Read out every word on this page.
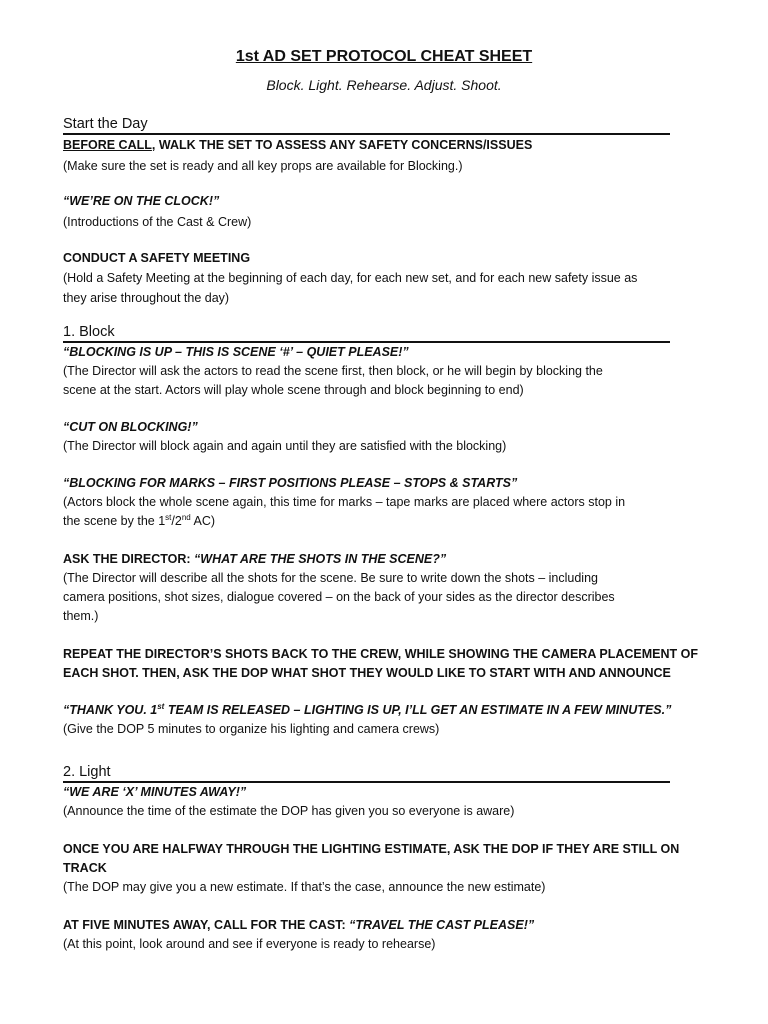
1st AD SET PROTOCOL CHEAT SHEET
Block. Light. Rehearse. Adjust. Shoot.
Start the Day
BEFORE CALL, WALK THE SET TO ASSESS ANY SAFETY CONCERNS/ISSUES
(Make sure the set is ready and all key props are available for Blocking.)
“WE’RE ON THE CLOCK!”
(Introductions of the Cast & Crew)
CONDUCT A SAFETY MEETING
(Hold a Safety Meeting at the beginning of each day, for each new set, and for each new safety issue as
they arise throughout the day)
1. Block
“BLOCKING IS UP – THIS IS SCENE ‘#’ – QUIET PLEASE!”
(The Director will ask the actors to read the scene first, then block, or he will begin by blocking the
scene at the start. Actors will play whole scene through and block beginning to end)
“CUT ON BLOCKING!”
(The Director will block again and again until they are satisfied with the blocking)
“BLOCKING FOR MARKS – FIRST POSITIONS PLEASE – STOPS & STARTS”
(Actors block the whole scene again, this time for marks – tape marks are placed where actors stop in
the scene by the 1st/2nd AC)
ASK THE DIRECTOR: “WHAT ARE THE SHOTS IN THE SCENE?”
(The Director will describe all the shots for the scene. Be sure to write down the shots – including
camera positions, shot sizes, dialogue covered – on the back of your sides as the director describes
them.)
REPEAT THE DIRECTOR’S SHOTS BACK TO THE CREW, WHILE SHOWING THE CAMERA PLACEMENT OF
EACH SHOT. THEN, ASK THE DOP WHAT SHOT THEY WOULD LIKE TO START WITH AND ANNOUNCE
“THANK YOU. 1st TEAM IS RELEASED – LIGHTING IS UP, I’LL GET AN ESTIMATE IN A FEW MINUTES.”
(Give the DOP 5 minutes to organize his lighting and camera crews)
2. Light
“WE ARE ‘X’ MINUTES AWAY!”
(Announce the time of the estimate the DOP has given you so everyone is aware)
ONCE YOU ARE HALFWAY THROUGH THE LIGHTING ESTIMATE, ASK THE DOP IF THEY ARE STILL ON
TRACK
(The DOP may give you a new estimate. If that’s the case, announce the new estimate)
AT FIVE MINUTES AWAY, CALL FOR THE CAST: “TRAVEL THE CAST PLEASE!”
(At this point, look around and see if everyone is ready to rehearse)
